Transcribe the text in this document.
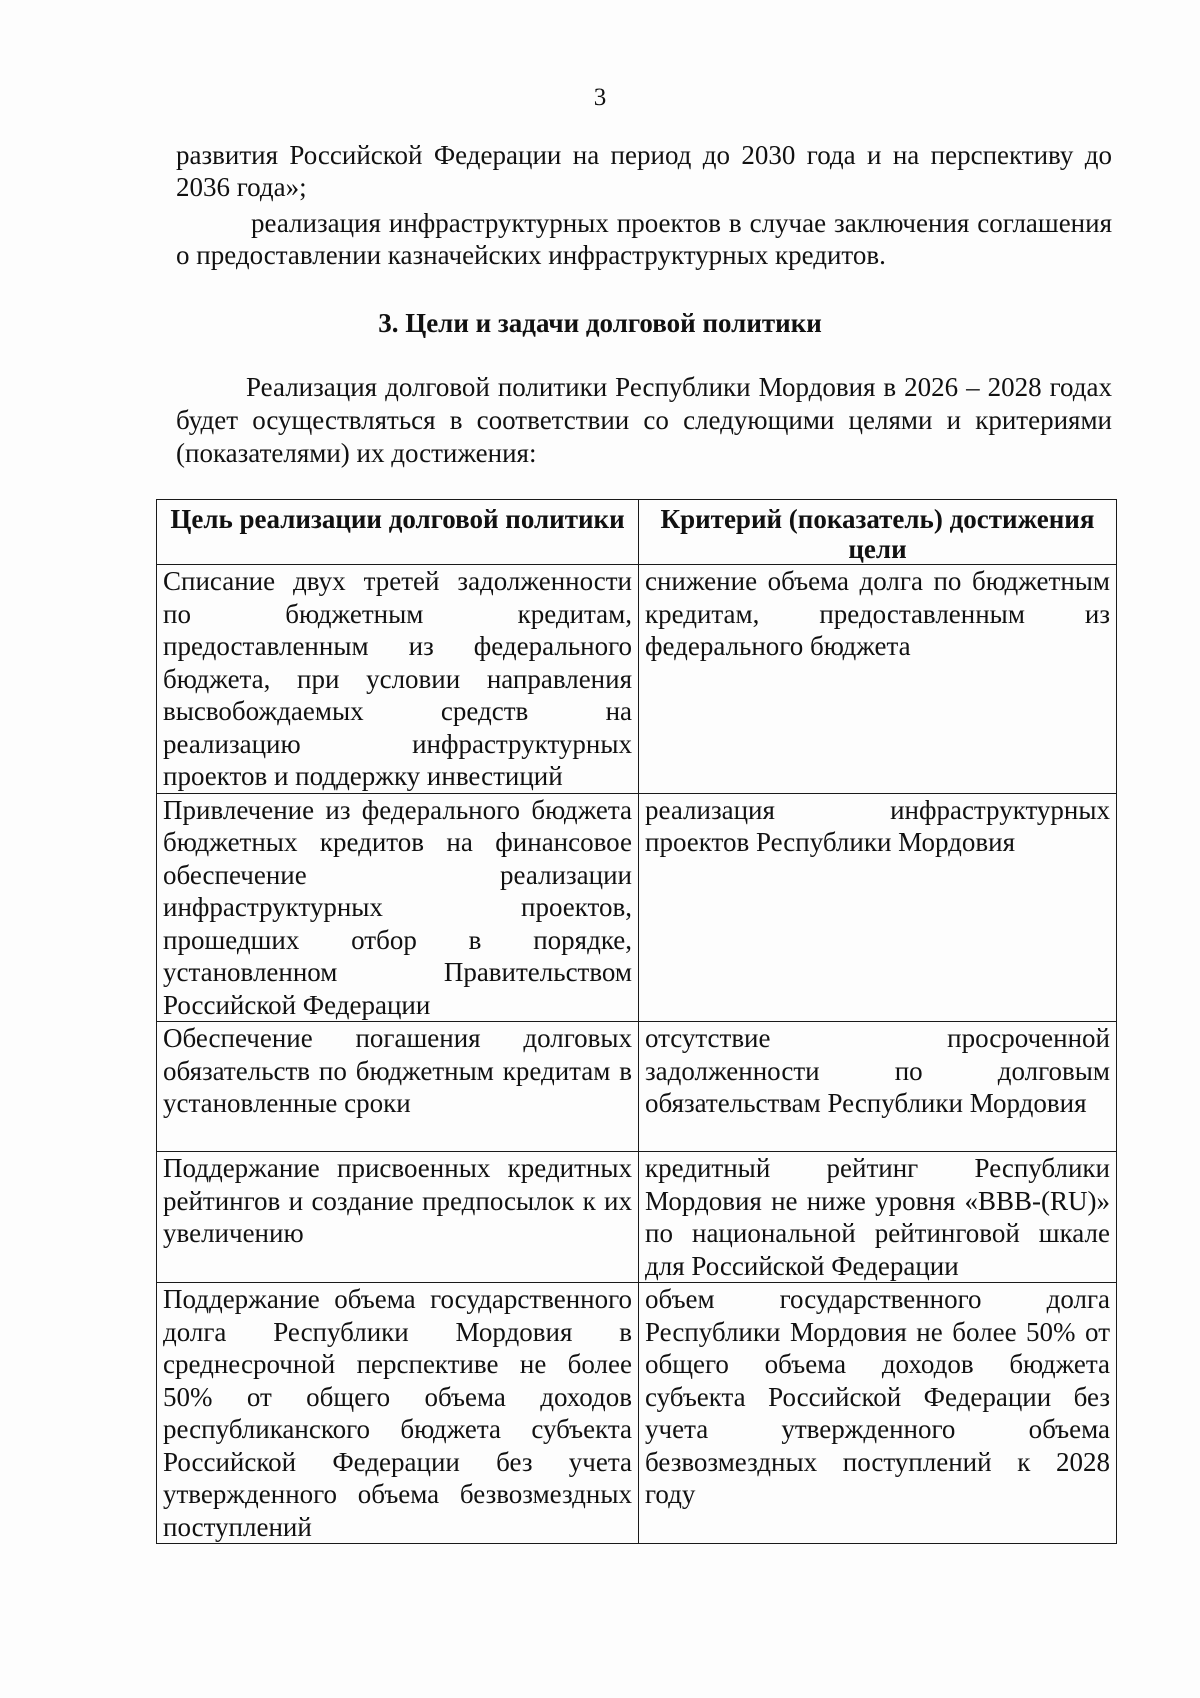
3

развития Российской Федерации на период до 2030 года и на перспективу до 2036 года»;

реализация инфраструктурных проектов в случае заключения соглашения о предоставлении казначейских инфраструктурных кредитов.

3. Цели и задачи долговой политики

Реализация долговой политики Республики Мордовия в 2026 – 2028 годах будет осуществляться в соответствии со следующими целями и критериями (показателями) их достижения:

Цель реализации долговой политики	Критерий (показатель) достижения цели
Списание двух третей задолженности по бюджетным кредитам, предоставленным из федерального бюджета, при условии направления высвобождаемых средств на реализацию инфраструктурных проектов и поддержку инвестиций	снижение объема долга по бюджетным кредитам, предоставленным из федерального бюджета
Привлечение из федерального бюджета бюджетных кредитов на финансовое обеспечение реализации инфраструктурных проектов, прошедших отбор в порядке, установленном Правительством Российской Федерации	реализация инфраструктурных проектов Республики Мордовия
Обеспечение погашения долговых обязательств по бюджетным кредитам в установленные сроки	отсутствие просроченной задолженности по долговым обязательствам Республики Мордовия
Поддержание присвоенных кредитных рейтингов и создание предпосылок к их увеличению	кредитный рейтинг Республики Мордовия не ниже уровня «BBB-(RU)» по национальной рейтинговой шкале для Российской Федерации
Поддержание объема государственного долга Республики Мордовия в среднесрочной перспективе не более 50% от общего объема доходов республиканского бюджета субъекта Российской Федерации без учета утвержденного объема безвозмездных поступлений	объем государственного долга Республики Мордовия не более 50% от общего объема доходов бюджета субъекта Российской Федерации без учета утвержденного объема безвозмездных поступлений к 2028 году
